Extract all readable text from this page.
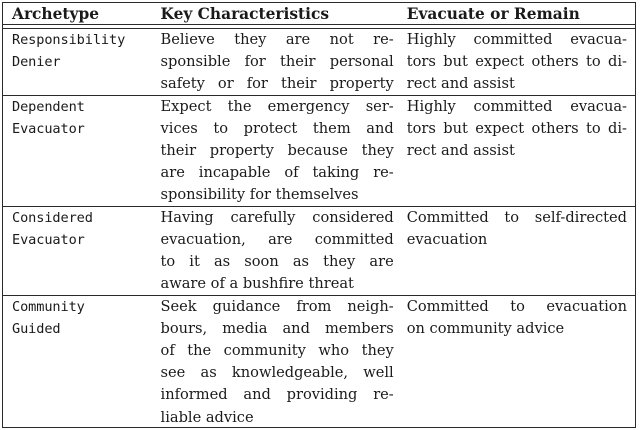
Archetype	Key Characteristics	Evacuate or Remain
Responsibility
Denier
Believe they are not re-
sponsible for their personal
safety or for their property
Highly committed evacua-
tors but expect others to di-
rect and assist
Dependent
Evacuator
Expect the emergency ser-
vices to protect them and
their property because they
are incapable of taking re-
sponsibility for themselves
Highly committed evacua-
tors but expect others to di-
rect and assist
Considered
Evacuator
Having carefully considered
evacuation, are committed
to it as soon as they are
aware of a bushfire threat
Committed to self-directed
evacuation
Community
Guided
Seek guidance from neigh-
bours, media and members
of the community who they
see as knowledgeable, well
informed and providing re-
liable advice
Committed to evacuation
on community advice
